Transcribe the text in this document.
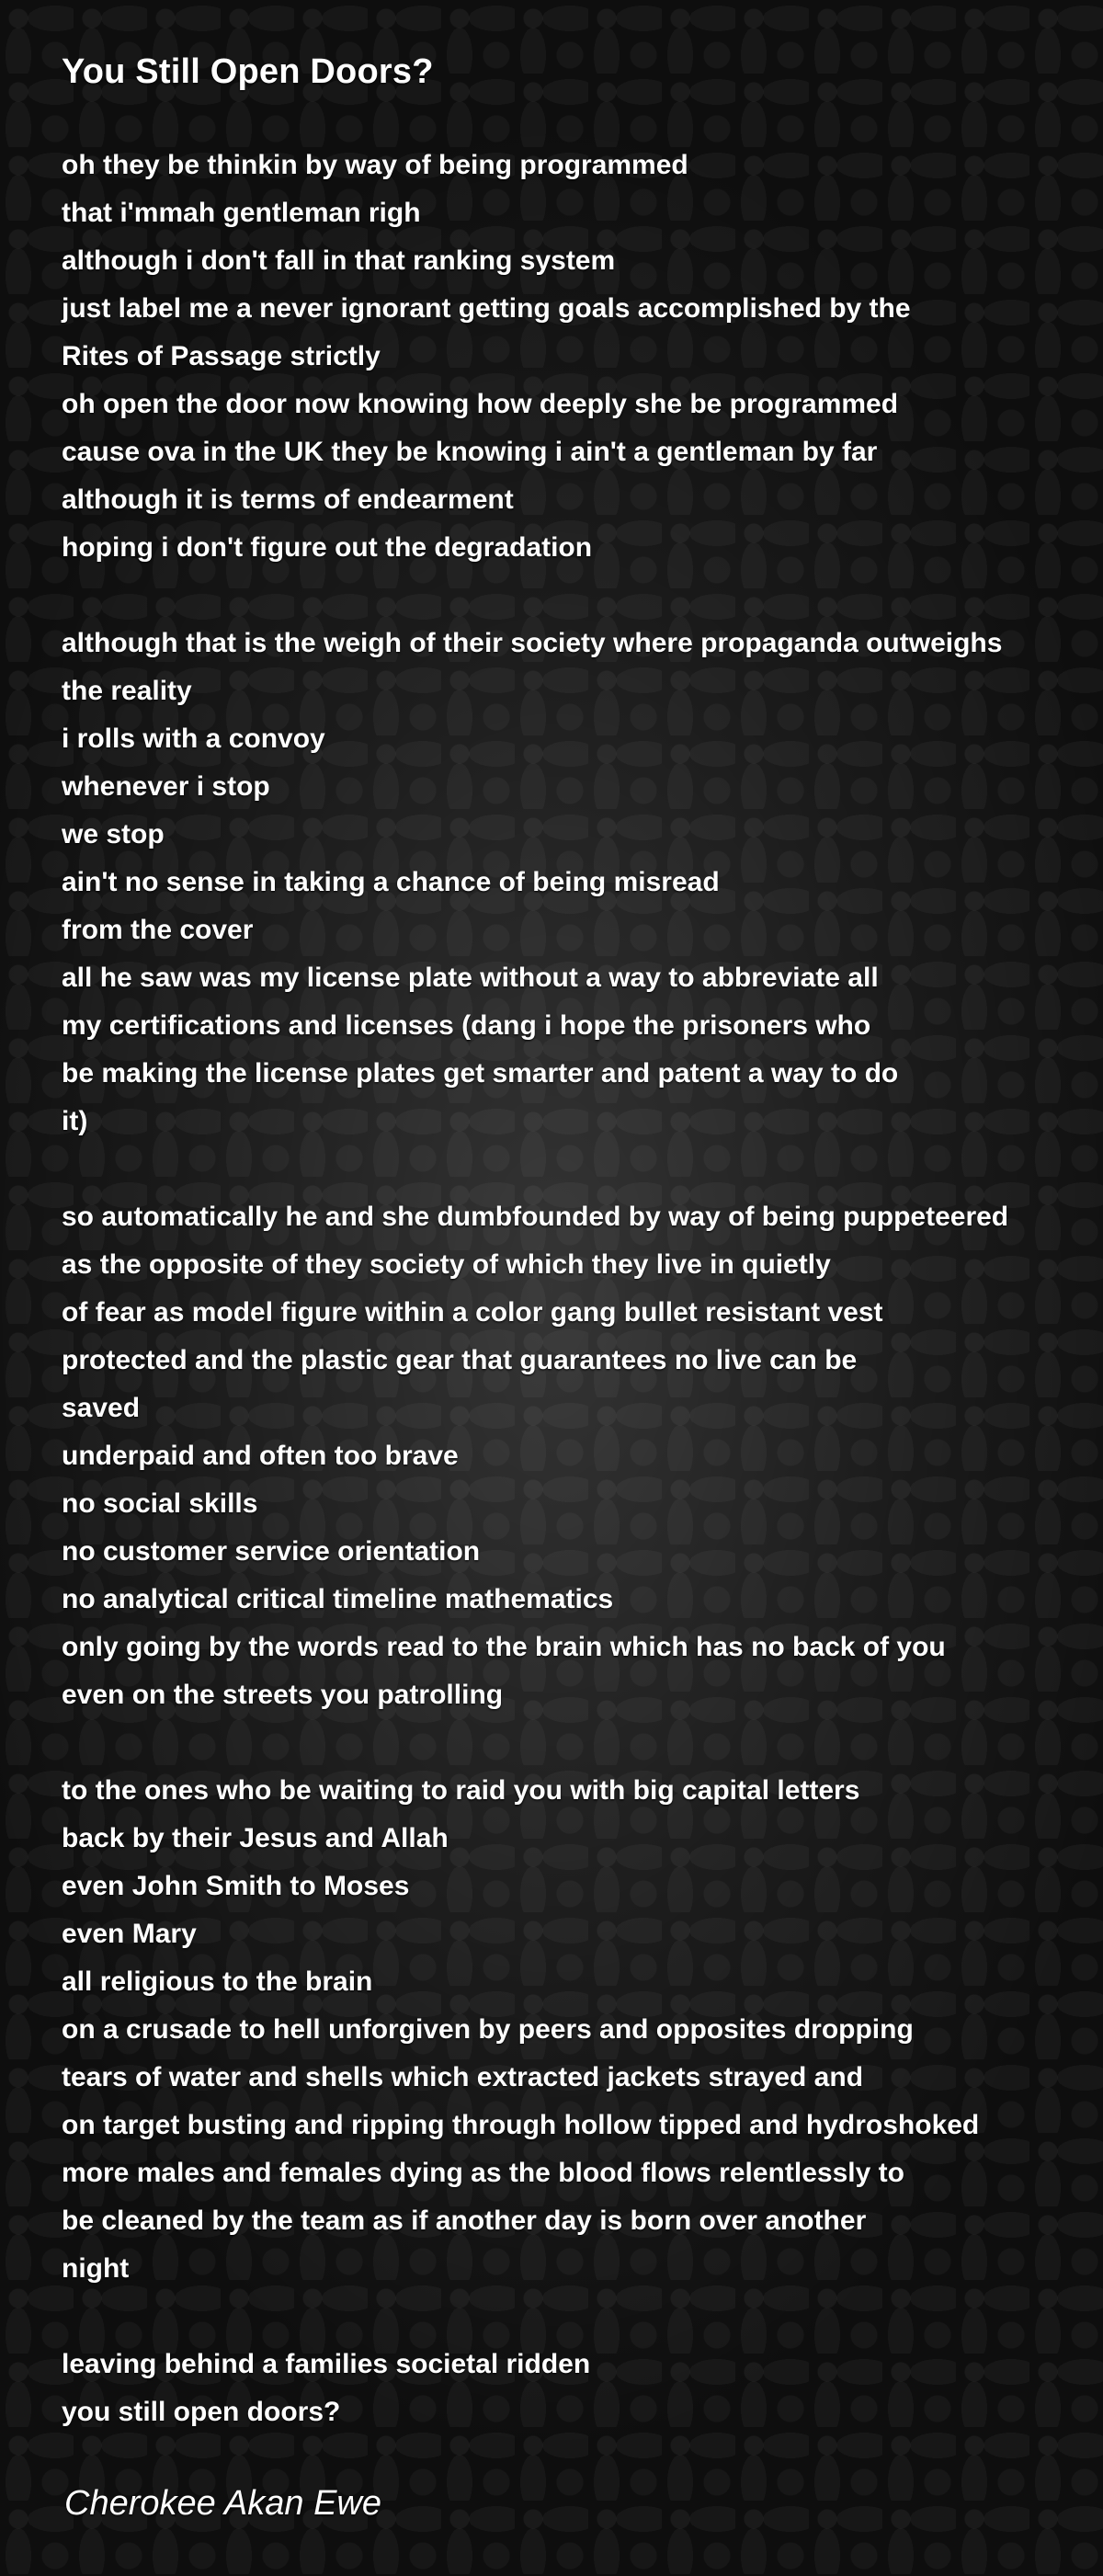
You Still Open Doors?
oh they be thinkin by way of being programmed
that i'mmah gentleman righ
although i don't fall in that ranking system
just label me a never ignorant getting goals accomplished by the
Rites of Passage strictly
oh open the door now knowing how deeply she be programmed
cause ova in the UK they be knowing i ain't a gentleman by far
although it is terms of endearment
hoping i don't figure out the degradation
although that is the weigh of their society where propaganda outweighs
the reality
i rolls with a convoy
whenever i stop
we stop
ain't no sense in taking a chance of being misread
from the cover
all he saw was my license plate without a way to abbreviate all
my certifications and licenses (dang i hope the prisoners who
be making the license plates get smarter and patent a way to do
it)
so automatically he and she dumbfounded by way of being puppeteered
as the opposite of they society of which they live in quietly
of fear as model figure within a color gang bullet resistant vest
protected and the plastic gear that guarantees no live can be
saved
underpaid and often too brave
no social skills
no customer service orientation
no analytical critical timeline mathematics
only going by the words read to the brain which has no back of you
even on the streets you patrolling
to the ones who be waiting to raid you with big capital letters
back by their Jesus and Allah
even John Smith to Moses
even Mary
all religious to the brain
on a crusade to hell unforgiven by peers and opposites dropping
tears of water and shells which extracted jackets strayed and
on target busting and ripping through hollow tipped and hydroshoked
more males and females dying as the blood flows relentlessly to
be cleaned by the team as if another day is born over another
night
leaving behind a families societal ridden
you still open doors?
Cherokee Akan Ewe
